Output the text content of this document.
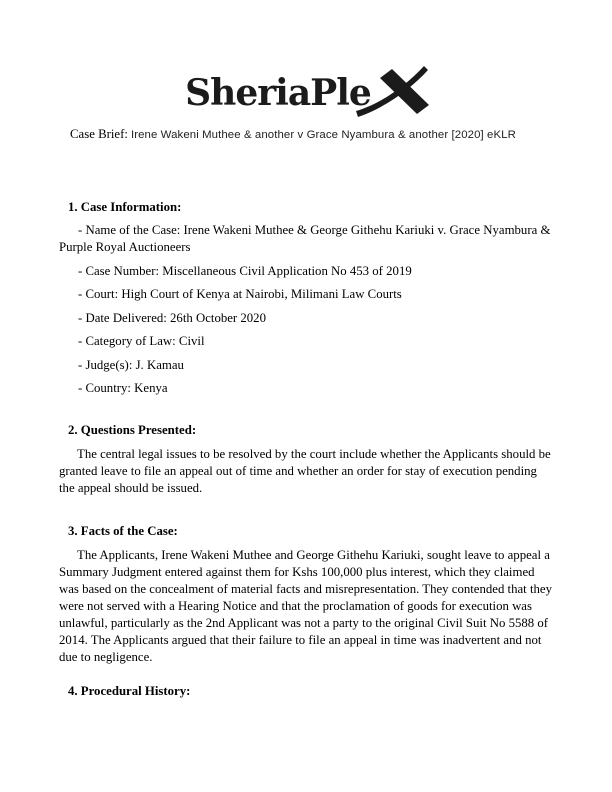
SheriaPle

Case Brief: Irene Wakeni Muthee & another v Grace Nyambura & another [2020] eKLR

1. Case Information:

- Name of the Case: Irene Wakeni Muthee & George Githehu Kariuki v. Grace Nyambura & Purple Royal Auctioneers

- Case Number: Miscellaneous Civil Application No 453 of 2019

- Court: High Court of Kenya at Nairobi, Milimani Law Courts

- Date Delivered: 26th October 2020

- Category of Law: Civil

- Judge(s): J. Kamau

- Country: Kenya

2. Questions Presented:

The central legal issues to be resolved by the court include whether the Applicants should be granted leave to file an appeal out of time and whether an order for stay of execution pending the appeal should be issued.

3. Facts of the Case:

The Applicants, Irene Wakeni Muthee and George Githehu Kariuki, sought leave to appeal a Summary Judgment entered against them for Kshs 100,000 plus interest, which they claimed was based on the concealment of material facts and misrepresentation. They contended that they were not served with a Hearing Notice and that the proclamation of goods for execution was unlawful, particularly as the 2nd Applicant was not a party to the original Civil Suit No 5588 of 2014. The Applicants argued that their failure to file an appeal in time was inadvertent and not due to negligence.

4. Procedural History:
